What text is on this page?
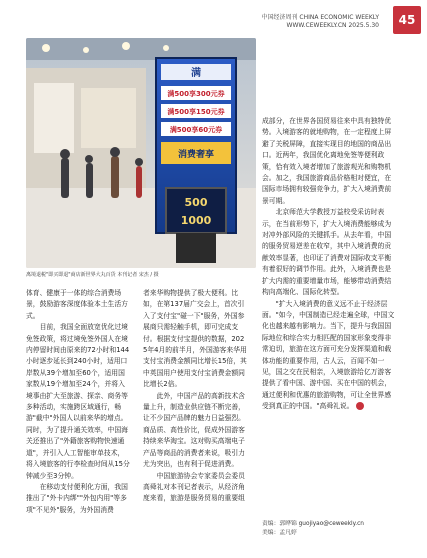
中国经济周刊 CHINA ECONOMIC WEEKLY
WWW.CEWEEKLY.CN 2025.5.30	45
满
满500享300元券
满500享150元券
满500享60元券
消费奢享
500
1000
离境退税"即买即退"商店新世界大丸百货 本刊记者 宋杰 / 摄

体育、健康于一体的综合消费场景，鼓励游客深度体验本土生活方式。

目前，我国全面放宽优化过境免签政策，将过境免签外国人在境内停留时间由原来的72小时和144小时逐步延长到240小时，适用口岸数从39个增加至60个，适用国家数从19个增加至24个，并将入境事由扩大至旅游、探亲、商务等多种活动，实施跨区域通行，畅游"截中"外国人以前来华的增点。同时，为了提升通关效率，中国海关还推出了"外籍旅客购物快速通道"，并引入人工智能审单技术，将入境旅客的行李检查时间从15分钟减少至3分钟。

在移动支付便利化方面，我国推出了"外卡内绑""外包内用"等多项"不见外"服务，为外国消费

者来华购物提供了极大便利。比如，在第137届广交会上，首次引入了支付宝"碰一下"服务，外国参展商只需轻触手机，即可完成支付。根据支付宝提供的数据，2025年4月的前半月，外国游客来华用支付宝消费金额同比增长15倍，其中英国用户使用支付宝消费金额同比增长2倍。

此外，中国产品的高新技术含量上升，制造业供应链不断完善，让不少国产品牌的魅力日益强烈。商品质、高性价比，促成外国游客持续来华淘宝。这对购买高端电子产品等商品的消费者来说，吸引力尤为突出，也有利于促进消费。

中国旅游协会专家委员会委员高舜礼对本刊记者表示，从经济角度来看，旅游是服务贸易的重要组

成部分，在世界各国贸易往来中具有独特优势。入境游客的就地购物，在一定程度上屏避了关税屏障，直接实现目的地国的商品出口。近两年，我国优化离地免签等便利政策，恰有效入境者增加了旅游观光和购物机会。加之，我国旅游商品价格相对便宜，在国际市场拥有较强竞争力，扩大入境消费前景可期。

北京师范大学教授万益校受采访时表示，在当前形势下，扩大入境消费能够成为对冲外部风险的关键抓手。从去年看，中国的服务贸易逆差在收窄，其中入境消费的贡献效率显著，也印证了消费对国际收支平衡有着很好的调节作用。此外，入境消费也是扩大内需的重要增量市场，能够带动消费结构向高端化、国际化转型。

"扩大入境消费的意义远不止于经济层面。"如今，中国制造已经走遍全球，中国文化也越来越有影响力。当下，提升与我国国际地位和综合实力相匹配的国家形象变得非常迫切，旅游在这方面可充分发挥渠道和载体功能的重要作用，古人云，百闻不如一见，国之交在民相亲，入境旅游给亿万游客提供了看中国、游中国、买在中国的机会，通过便利和优惠的旅游购物，可让全世界感受到真正的中国。"高舜礼说。

责编：郭晔锦 guojiyao@ceweekly.cn
美编：孟凡婷
